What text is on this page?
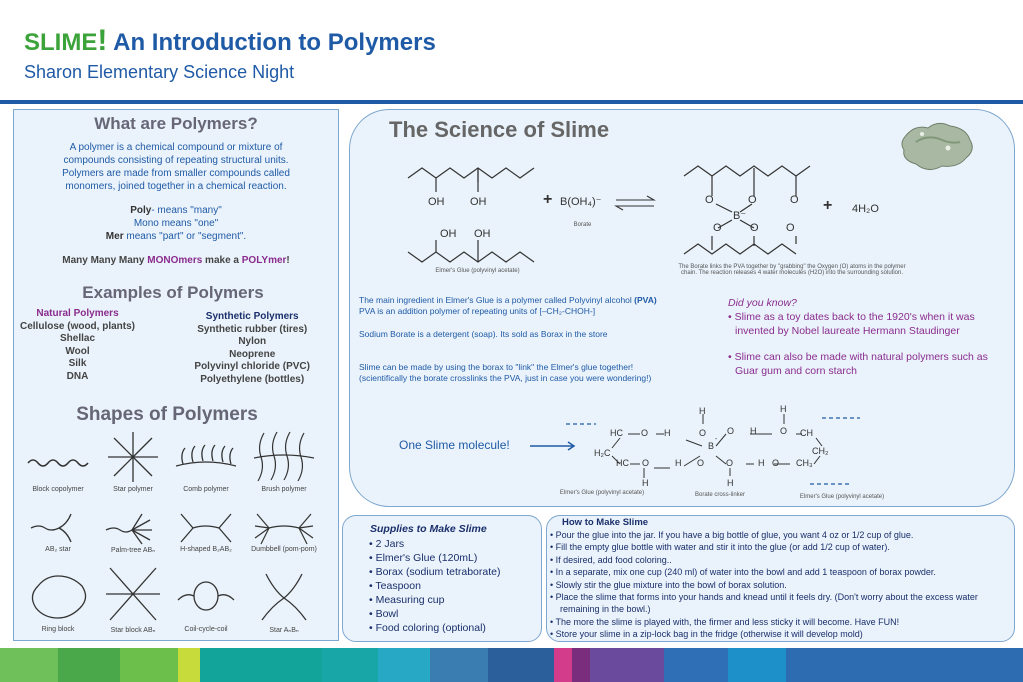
SLIME! An Introduction to Polymers
Sharon Elementary Science Night
What are Polymers?
A polymer is a chemical compound or mixture of
compounds consisting of repeating structural units.
Polymers are made from smaller compounds called
monomers, joined together in a chemical reaction.
Poly- means "many"
Mono means "one"
Mer means "part" or "segment".
Many Many Many MONOmers make a POLYmer!
Examples of Polymers
Natural Polymers
Cellulose (wood, plants)
Shellac
Wool
Silk
DNA
Synthetic Polymers
Synthetic rubber (tires)
Nylon
Neoprene
Polyvinyl chloride (PVC)
Polyethylene (bottles)
Shapes of Polymers
Block copolymer	Star polymer	Comb polymer	Brush polymer
AB₂ star	Palm-tree ABₙ	H-shaped B₂AB₂	Dumbbell (pom-pom)
Ring block	Star block ABₙ	Coil-cycle-coil	Star AₙBₙ
The Science of Slime
OH OH
OH OH
Elmer's Glue (polyvinyl acetate)
+ B(OH₄)⁻
Borate
O	O	O
B⁻
O	O O
+ 4H₂O
The Borate links the PVA together by "grabbing" the Oxygen (O) atoms in the polymer
chain. The reaction releases 4 water molecules (H2O) into the surrounding solution.
The main ingredient in Elmer's Glue is a polymer called Polyvinyl alcohol (PVA)
PVA is an addition polymer of repeating units of [–CH₂-CHOH-]
Sodium Borate is a detergent (soap). Its sold as Borax in the store
Slime can be made by using the borax to "link" the Elmer's glue together!
(scientifically the borate crosslinks the PVA, just in case you were wondering!)
Did you know?
• Slime as a toy dates back to the 1920's when it was invented by Nobel laureate Hermann Staudinger
• Slime can also be made with natural polymers such as Guar gum and corn starch
One Slime molecule!
HC O H
H₂C
HC O
H
H O
H
O
B
-
O
O
H
H
H
H
O CH
CH₂
O CH₃
Elmer's Glue (polyvinyl acetate)	Borate cross-linker	Elmer's Glue (polyvinyl acetate)
Supplies to Make Slime
• 2 Jars
• Elmer's Glue (120mL)
• Borax (sodium tetraborate)
• Teaspoon
• Measuring cup
• Bowl
• Food coloring (optional)
How to Make Slime
• Pour the glue into the jar. If you have a big bottle of glue, you want 4 oz or 1/2 cup of glue.
• Fill the empty glue bottle with water and stir it into the glue (or add 1/2 cup of water).
• If desired, add food coloring..
• In a separate, mix one cup (240 ml) of water into the bowl and add 1 teaspoon of borax powder.
• Slowly stir the glue mixture into the bowl of borax solution.
• Place the slime that forms into your hands and knead until it feels dry. (Don't worry about the excess water remaining in the bowl.)
• The more the slime is played with, the firmer and less sticky it will become. Have FUN!
• Store your slime in a zip-lock bag in the fridge (otherwise it will develop mold)
